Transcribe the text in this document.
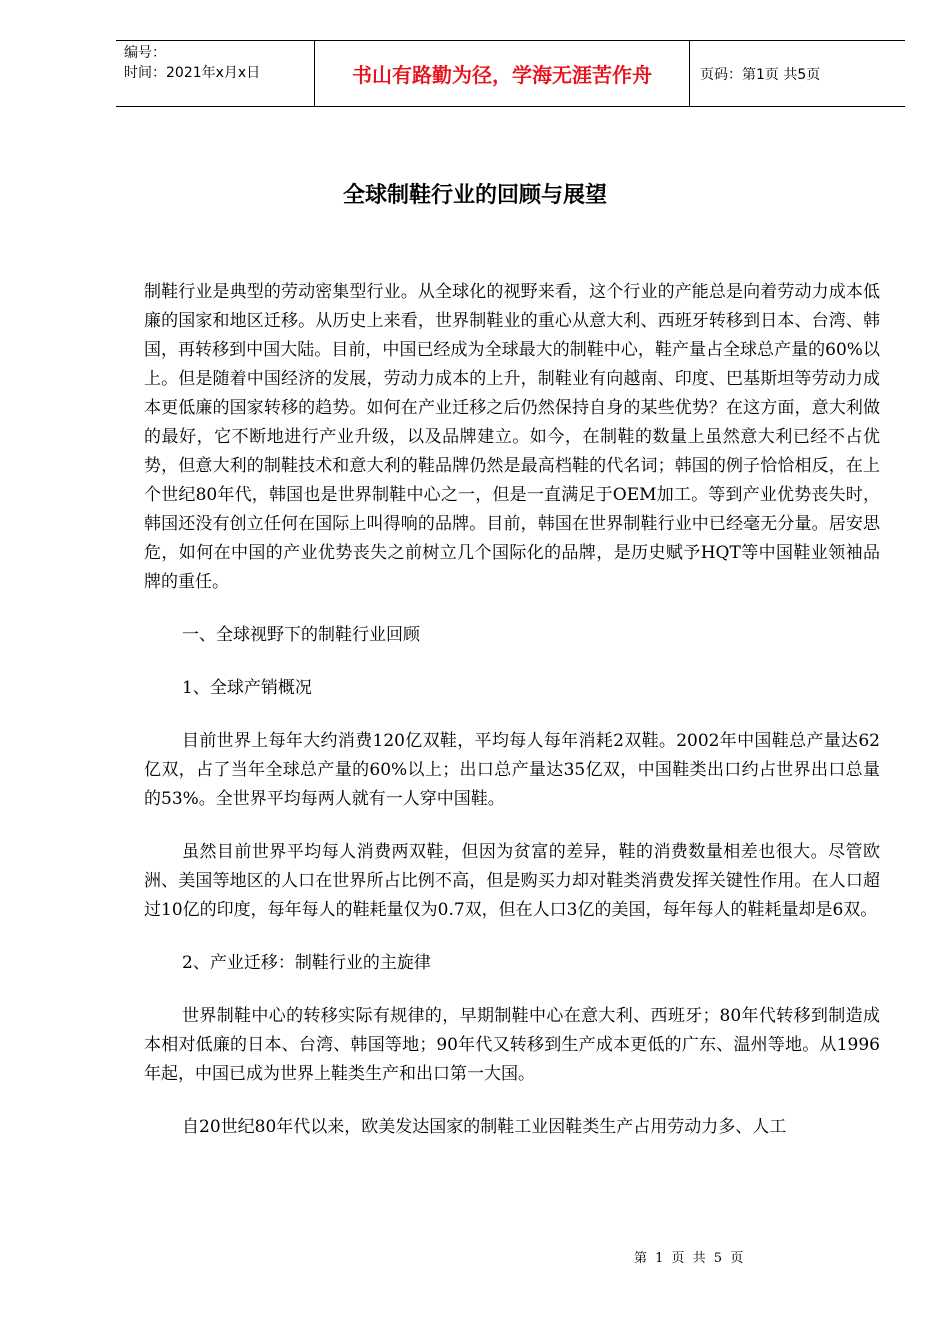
编号：
时间：2021年x月x日	书山有路勤为径，学海无涯苦作舟	页码：第1页 共5页
全球制鞋行业的回顾与展望

制鞋行业是典型的劳动密集型行业。从全球化的视野来看，这个行业的产能总是向着劳动力成本低廉的国家和地区迁移。从历史上来看，世界制鞋业的重心从意大利、西班牙转移到日本、台湾、韩国，再转移到中国大陆。目前，中国已经成为全球最大的制鞋中心，鞋产量占全球总产量的60%以上。但是随着中国经济的发展，劳动力成本的上升，制鞋业有向越南、印度、巴基斯坦等劳动力成本更低廉的国家转移的趋势。如何在产业迁移之后仍然保持自身的某些优势？在这方面，意大利做的最好，它不断地进行产业升级，以及品牌建立。如今，在制鞋的数量上虽然意大利已经不占优势，但意大利的制鞋技术和意大利的鞋品牌仍然是最高档鞋的代名词；韩国的例子恰恰相反，在上个世纪80年代，韩国也是世界制鞋中心之一，但是一直满足于OEM加工。等到产业优势丧失时，韩国还没有创立任何在国际上叫得响的品牌。目前，韩国在世界制鞋行业中已经毫无分量。居安思危，如何在中国的产业优势丧失之前树立几个国际化的品牌，是历史赋予HQT等中国鞋业领袖品牌的重任。

一、全球视野下的制鞋行业回顾

1、全球产销概况

目前世界上每年大约消费120亿双鞋，平均每人每年消耗2双鞋。2002年中国鞋总产量达62亿双，占了当年全球总产量的60%以上；出口总产量达35亿双，中国鞋类出口约占世界出口总量的53%。全世界平均每两人就有一人穿中国鞋。

虽然目前世界平均每人消费两双鞋，但因为贫富的差异，鞋的消费数量相差也很大。尽管欧洲、美国等地区的人口在世界所占比例不高，但是购买力却对鞋类消费发挥关键性作用。在人口超过10亿的印度，每年每人的鞋耗量仅为0.7双，但在人口3亿的美国，每年每人的鞋耗量却是6双。

2、产业迁移：制鞋行业的主旋律

世界制鞋中心的转移实际有规律的，早期制鞋中心在意大利、西班牙；80年代转移到制造成本相对低廉的日本、台湾、韩国等地；90年代又转移到生产成本更低的广东、温州等地。从1996年起，中国已成为世界上鞋类生产和出口第一大国。

自20世纪80年代以来，欧美发达国家的制鞋工业因鞋类生产占用劳动力多、人工

第 1 页 共 5 页
